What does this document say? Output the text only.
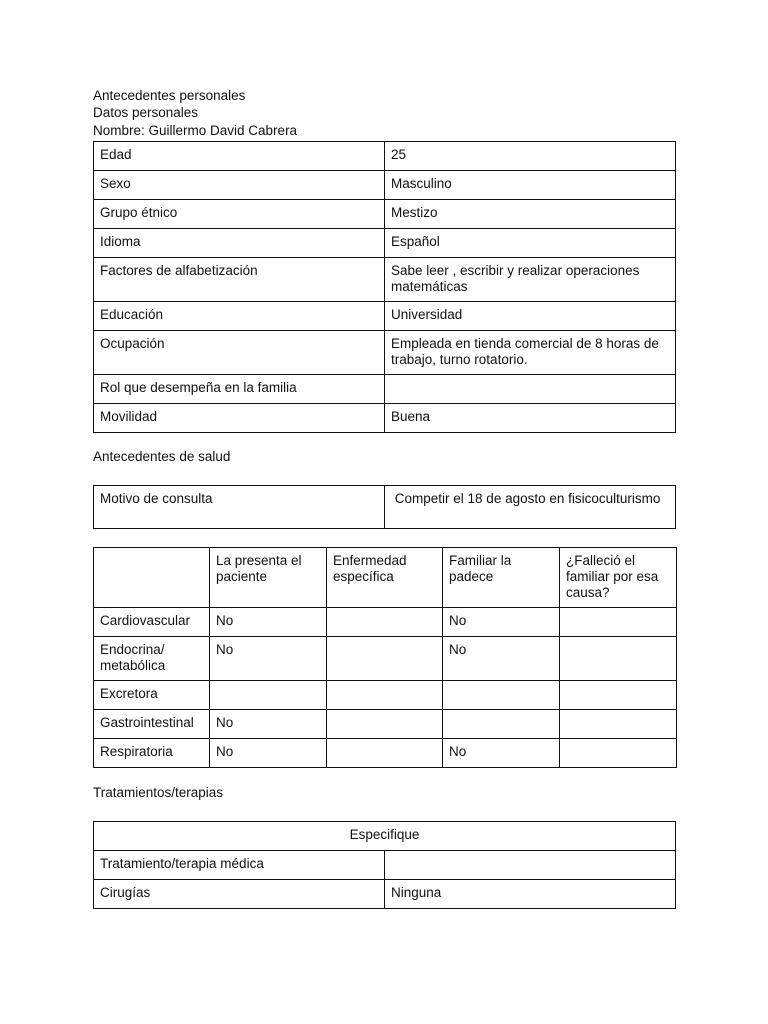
Antecedentes personales
Datos personales
Nombre: Guillermo David Cabrera
Edad	25
Sexo	Masculino
Grupo étnico	Mestizo
Idioma	Español
Factores de alfabetización	Sabe leer , escribir y realizar operaciones matemáticas
Educación	Universidad
Ocupación	Empleada en tienda comercial de 8 horas de trabajo, turno rotatorio.
Rol que desempeña en la familia	
Movilidad	Buena
Antecedentes de salud
Motivo de consulta	Competir el 18 de agosto en fisicoculturismo
	La presenta el paciente	Enfermedad específica	Familiar la padece	¿Falleció el familiar por esa causa?
Cardiovascular	No		No	
Endocrina/ metabólica	No		No	
Excretora				
Gastrointestinal	No			
Respiratoria	No		No	
Tratamientos/terapias
Especifique	
Tratamiento/terapia médica	
Cirugías	Ninguna
